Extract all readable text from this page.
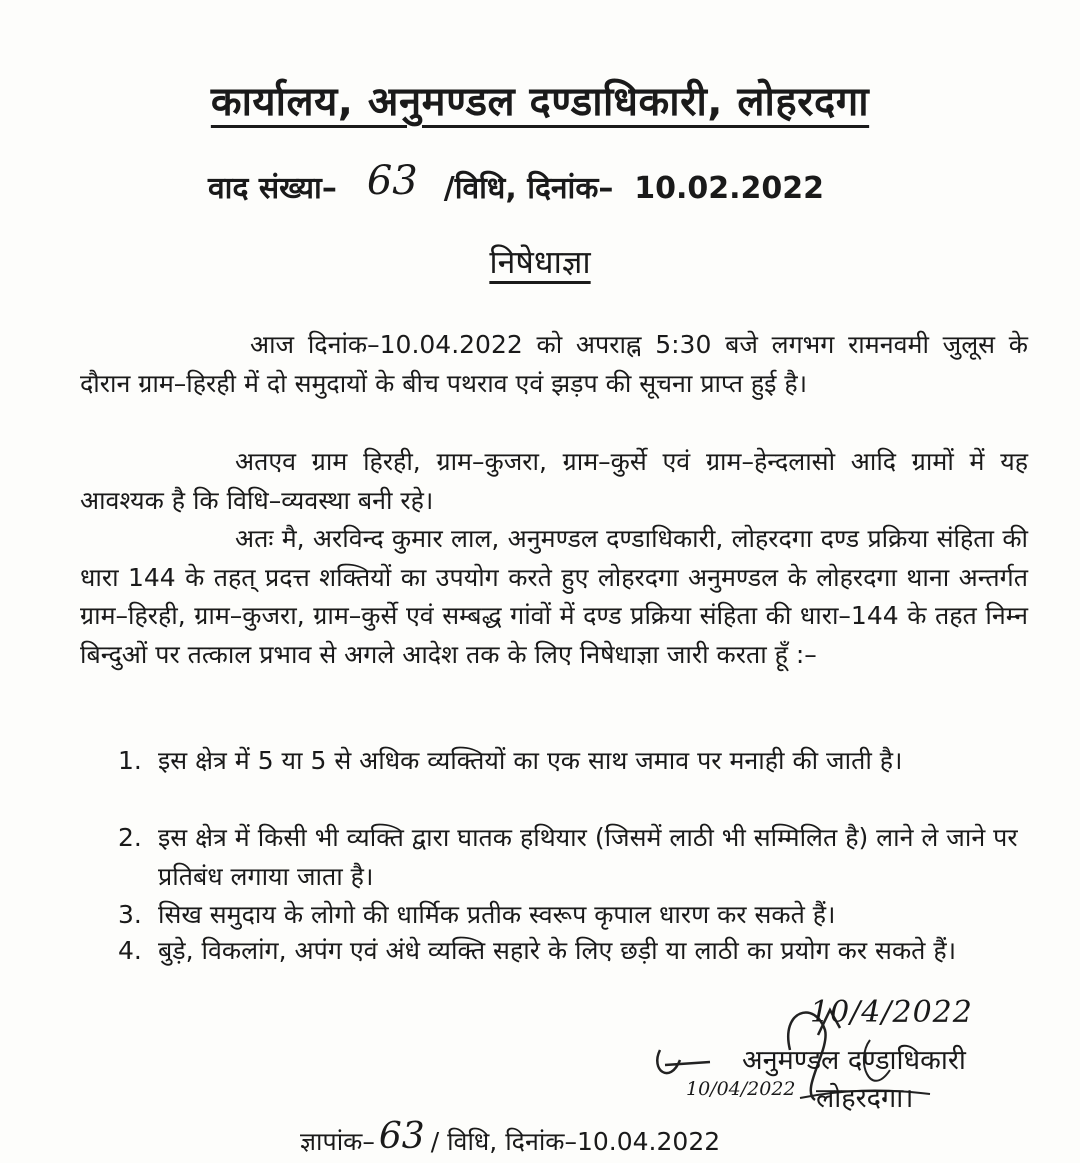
कार्यालय, अनुमण्डल दण्डाधिकारी, लोहरदगा
वाद संख्या– 63 /विधि, दिनांक– 10.02.2022
निषेधाज्ञा
आज दिनांक–10.04.2022 को अपराह्न 5:30 बजे लगभग रामनवमी जुलूस के दौरान ग्राम–हिरही में दो समुदायों के बीच पथराव एवं झड़प की सूचना प्राप्त हुई है।
अतएव ग्राम हिरही, ग्राम–कुजरा, ग्राम–कुर्से एवं ग्राम–हेन्दलासो आदि ग्रामों में यह आवश्यक है कि विधि–व्यवस्था बनी रहे।
अतः मै, अरविन्द कुमार लाल, अनुमण्डल दण्डाधिकारी, लोहरदगा दण्ड प्रक्रिया संहिता की धारा 144 के तहत् प्रदत्त शक्तियों का उपयोग करते हुए लोहरदगा अनुमण्डल के लोहरदगा थाना अन्तर्गत ग्राम–हिरही, ग्राम–कुजरा, ग्राम–कुर्से एवं सम्बद्ध गांवों में दण्ड प्रक्रिया संहिता की धारा–144 के तहत निम्न बिन्दुओं पर तत्काल प्रभाव से अगले आदेश तक के लिए निषेधाज्ञा जारी करता हूँ :–
1. इस क्षेत्र में 5 या 5 से अधिक व्यक्तियों का एक साथ जमाव पर मनाही की जाती है।
2. इस क्षेत्र में किसी भी व्यक्ति द्वारा घातक हथियार (जिसमें लाठी भी सम्मिलित है) लाने ले जाने पर प्रतिबंध लगाया जाता है।
3. सिख समुदाय के लोगो की धार्मिक प्रतीक स्वरूप कृपाल धारण कर सकते हैं।
4. बुड़े, विकलांग, अपंग एवं अंधे व्यक्ति सहारे के लिए छड़ी या लाठी का प्रयोग कर सकते हैं।
10/4/2022
अनुमण्डल दण्डाधिकारी
10/04/2022 लोहरदगा।
ज्ञापांक– 63 / विधि, दिनांक–10.04.2022
